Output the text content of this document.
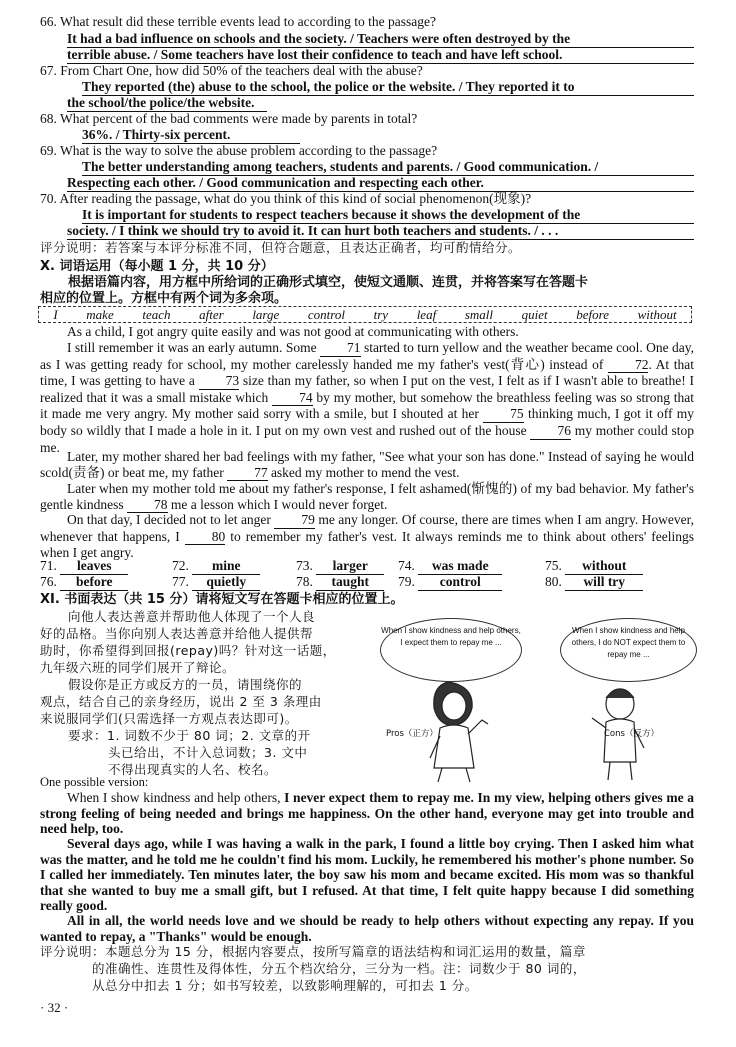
66. What result did these terrible events lead to according to the passage?
It had a bad influence on schools and the society. / Teachers were often destroyed by the
terrible abuse. / Some teachers have lost their confidence to teach and have left school.
67. From Chart One, how did 50% of the teachers deal with the abuse?
They reported (the) abuse to the school, the police or the website. / They reported it to
the school/the police/the website.
68. What percent of the bad comments were made by parents in total?
36%. / Thirty-six percent.
69. What is the way to solve the abuse problem according to the passage?
The better understanding among teachers, students and parents. / Good communication. /
Respecting each other. / Good communication and respecting each other.
70. After reading the passage, what do you think of this kind of social phenomenon(现象)?
It is important for students to respect teachers because it shows the development of the
society. / I think we should try to avoid it. It can hurt both teachers and students. / . . .
评分说明：若答案与本评分标准不同，但符合题意，且表达正确者，均可酌情给分。
X. 词语运用（每小题 1 分，共 10 分）
根据语篇内容，用方框中所给词的正确形式填空，使短文通顺、连贯，并将答案写在答题卡
相应的位置上。方框中有两个词为多余项。
I make teach after large control try leaf small quiet before without
As a child, I got angry quite easily and was not good at communicating with others.
I still remember it was an early autumn. Some 71 started to turn yellow and the weather became cool. One day, as I was getting ready for school, my mother carelessly handed me my father's vest(背心) instead of 72. At that time, I was getting to have a 73 size than my father, so when I put on the vest, I felt as if I wasn't able to breathe! I realized that it was a small mistake which 74 by my mother, but somehow the breathless feeling was so strong that it made me very angry. My mother said sorry with a smile, but I shouted at her 75 thinking much, I got it off my body so wildly that I made a hole in it. I put on my own vest and rushed out of the house 76 my mother could stop me.
Later, my mother shared her bad feelings with my father, "See what your son has done." Instead of saying he would scold(责备) or beat me, my father 77 asked my mother to mend the vest.
Later when my mother told me about my father's response, I felt ashamed(惭愧的) of my bad behavior. My father's gentle kindness 78 me a lesson which I would never forget.
On that day, I decided not to let anger 79 me any longer. Of course, there are times when I am angry. However, whenever that happens, I 80 to remember my father's vest. It always reminds me to think about others' feelings when I get angry.
71. leaves	72. mine	73. larger	74. was made	75. without
76. before	77. quietly	78. taught	79. control	80. will try
XI. 书面表达（共 15 分）请将短文写在答题卡相应的位置上。
向他人表达善意并帮助他人体现了一个人良
好的品格。当你向别人表达善意并给他人提供帮
助时，你希望得到回报(repay)吗？针对这一话题，
九年级六班的同学们展开了辩论。
假设你是正方或反方的一员，请围绕你的
观点，结合自己的亲身经历，说出 2 至 3 条理由
来说服同学们(只需选择一方观点表达即可)。
要求：1. 词数不少于 80 词；2. 文章的开
头已给出，不计入总词数；3. 文中
不得出现真实的人名、校名。
When I show kindness and help others, I expect them to repay me ...
When I show kindness and help others, I do NOT expect them to repay me ...
Pros（正方）	Cons（反方）
One possible version:
When I show kindness and help others, I never expect them to repay me. In my view, helping others gives me a strong feeling of being needed and brings me happiness. On the other hand, everyone may get into trouble and need help, too.
Several days ago, while I was having a walk in the park, I found a little boy crying. Then I asked him what was the matter, and he told me he couldn't find his mom. Luckily, he remembered his mother's phone number. So I called her immediately. Ten minutes later, the boy saw his mom and became excited. His mom was so thankful that she wanted to buy me a small gift, but I refused. At that time, I felt quite happy because I did something really good.
All in all, the world needs love and we should be ready to help others without expecting any repay. If you wanted to repay, a "Thanks" would be enough.
评分说明：本题总分为 15 分，根据内容要点，按所写篇章的语法结构和词汇运用的数量，篇章
的准确性、连贯性及得体性，分五个档次给分，三分为一档。注：词数少于 80 词的，
从总分中扣去 1 分；如书写较差，以致影响理解的，可扣去 1 分。
· 32 ·
